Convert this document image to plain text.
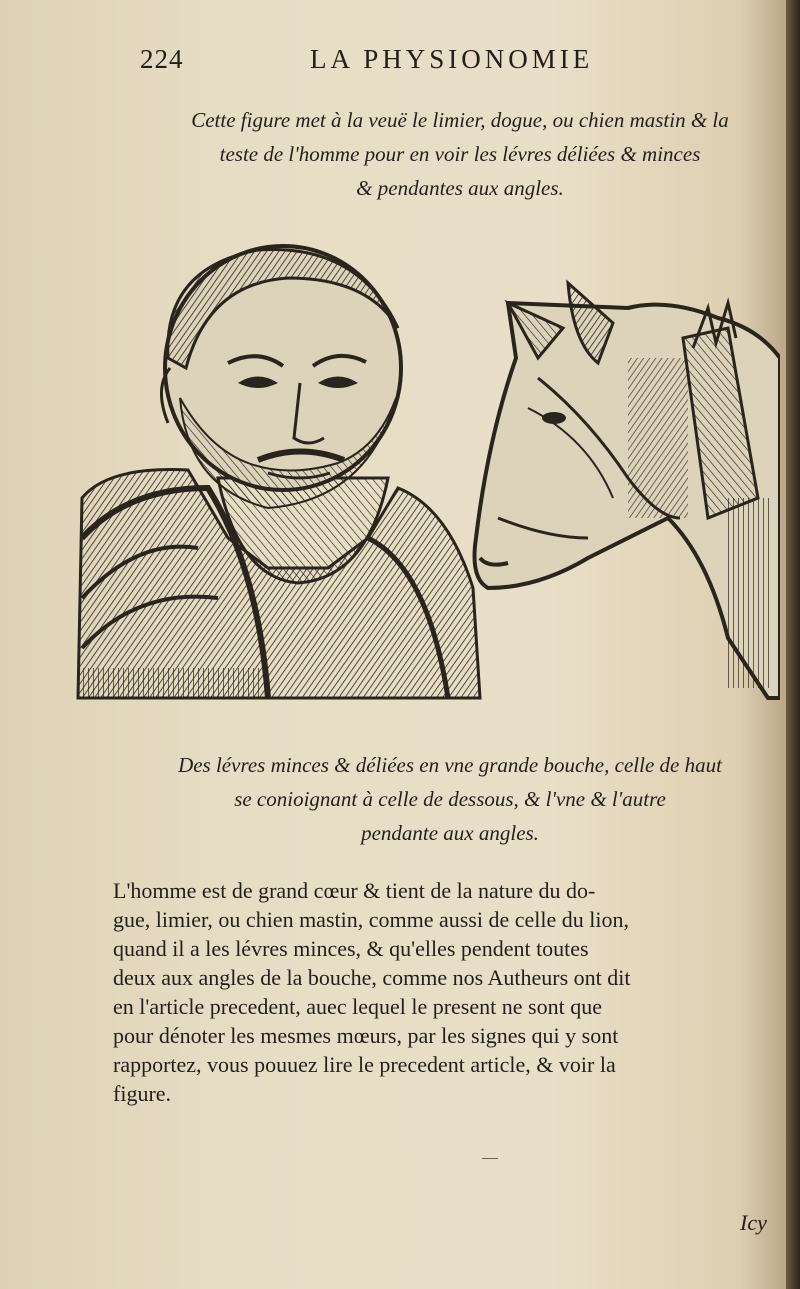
224	LA PHYSIONOMIE
Cette figure met à la veuë le limier, dogue, ou chien mastin & la
teste de l'homme pour en voir les lévres déliées & minces
& pendantes aux angles.
Des lévres minces & déliées en vne grande bouche, celle de haut
se conioignant à celle de dessous, & l'vne & l'autre
pendante aux angles.
L'homme est de grand cœur & tient de la nature du do-
gue, limier, ou chien mastin, comme aussi de celle du lion,
quand il a les lévres minces, & qu'elles pendent toutes
deux aux angles de la bouche, comme nos Autheurs ont dit
en l'article precedent, auec lequel le present ne sont que
pour dénoter les mesmes mœurs, par les signes qui y sont
rapportez, vous pouuez lire le precedent article, & voir la
figure.
Icy
